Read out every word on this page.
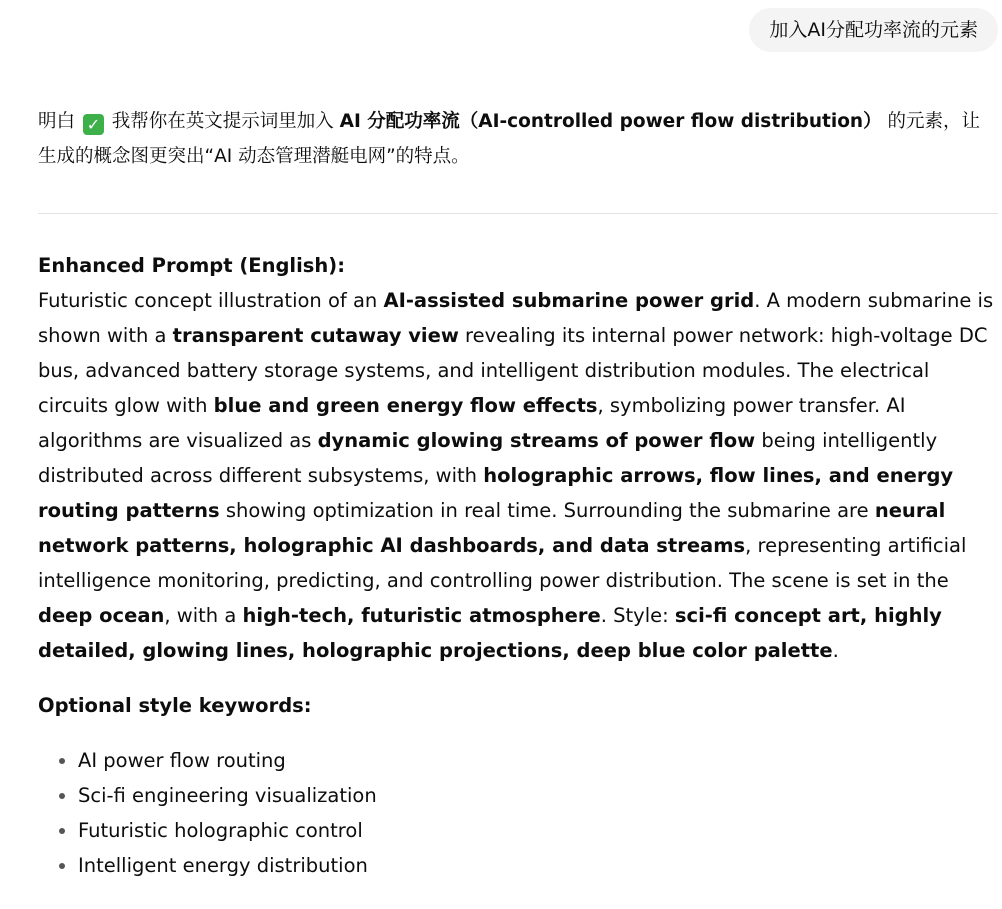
加入AI分配功率流的元素

明白 ✓ 我帮你在英文提示词里加入 AI 分配功率流（AI-controlled power flow distribution） 的元素，让生成的概念图更突出“AI 动态管理潜艇电网”的特点。

Enhanced Prompt (English):

Futuristic concept illustration of an AI-assisted submarine power grid. A modern submarine is shown with a transparent cutaway view revealing its internal power network: high-voltage DC bus, advanced battery storage systems, and intelligent distribution modules. The electrical circuits glow with blue and green energy flow effects, symbolizing power transfer. AI algorithms are visualized as dynamic glowing streams of power flow being intelligently distributed across different subsystems, with holographic arrows, flow lines, and energy routing patterns showing optimization in real time. Surrounding the submarine are neural network patterns, holographic AI dashboards, and data streams, representing artificial intelligence monitoring, predicting, and controlling power distribution. The scene is set in the deep ocean, with a high-tech, futuristic atmosphere. Style: sci-fi concept art, highly detailed, glowing lines, holographic projections, deep blue color palette.

Optional style keywords:

• AI power flow routing
• Sci-fi engineering visualization
• Futuristic holographic control
• Intelligent energy distribution
